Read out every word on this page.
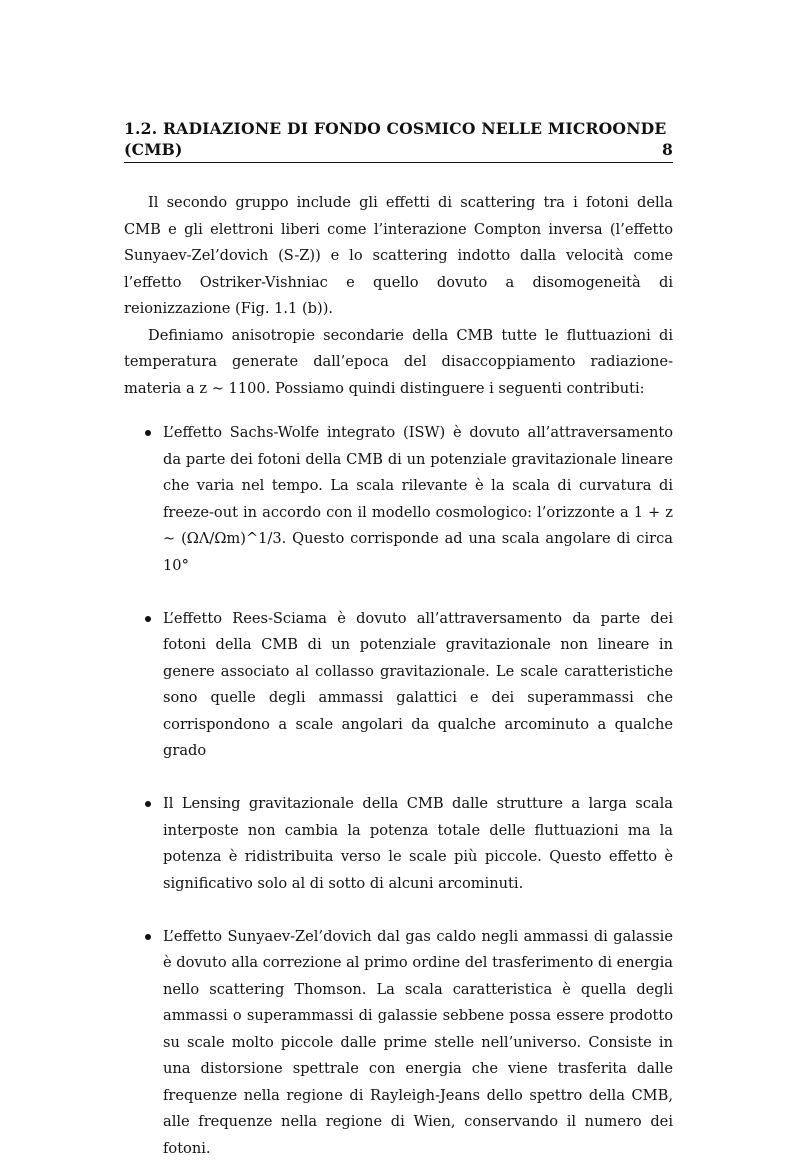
1.2. RADIAZIONE DI FONDO COSMICO NELLE MICROONDE
(CMB)	8

Il secondo gruppo include gli effetti di scattering tra i fotoni della CMB e gli elettroni liberi come l’interazione Compton inversa (l’effetto Sunyaev-Zel’dovich (S-Z)) e lo scattering indotto dalla velocità come l’effetto Ostriker-Vishniac e quello dovuto a disomogeneità di reionizzazione (Fig. 1.1 (b)).

Definiamo anisotropie secondarie della CMB tutte le fluttuazioni di temperatura generate dall’epoca del disaccoppiamento radiazione-materia a z ∼ 1100. Possiamo quindi distinguere i seguenti contributi:

L’effetto Sachs-Wolfe integrato (ISW) è dovuto all’attraversamento da parte dei fotoni della CMB di un potenziale gravitazionale lineare che varia nel tempo. La scala rilevante è la scala di curvatura di freeze-out in accordo con il modello cosmologico: l’orizzonte a 1 + z ∼ (ΩΛ/Ωm)^1/3. Questo corrisponde ad una scala angolare di circa 10°
L’effetto Rees-Sciama è dovuto all’attraversamento da parte dei fotoni della CMB di un potenziale gravitazionale non lineare in genere associato al collasso gravitazionale. Le scale caratteristiche sono quelle degli ammassi galattici e dei superammassi che corrispondono a scale angolari da qualche arcominuto a qualche grado
Il Lensing gravitazionale della CMB dalle strutture a larga scala interposte non cambia la potenza totale delle fluttuazioni ma la potenza è ridistribuita verso le scale più piccole. Questo effetto è significativo solo al di sotto di alcuni arcominuti.
L’effetto Sunyaev-Zel’dovich dal gas caldo negli ammassi di galassie è dovuto alla correzione al primo ordine del trasferimento di energia nello scattering Thomson. La scala caratteristica è quella degli ammassi o superammassi di galassie sebbene possa essere prodotto su scale molto piccole dalle prime stelle nell’universo. Consiste in una distorsione spettrale con energia che viene trasferita dalle frequenze nella regione di Rayleigh-Jeans dello spettro della CMB, alle frequenze nella regione di Wien, conservando il numero dei fotoni.
